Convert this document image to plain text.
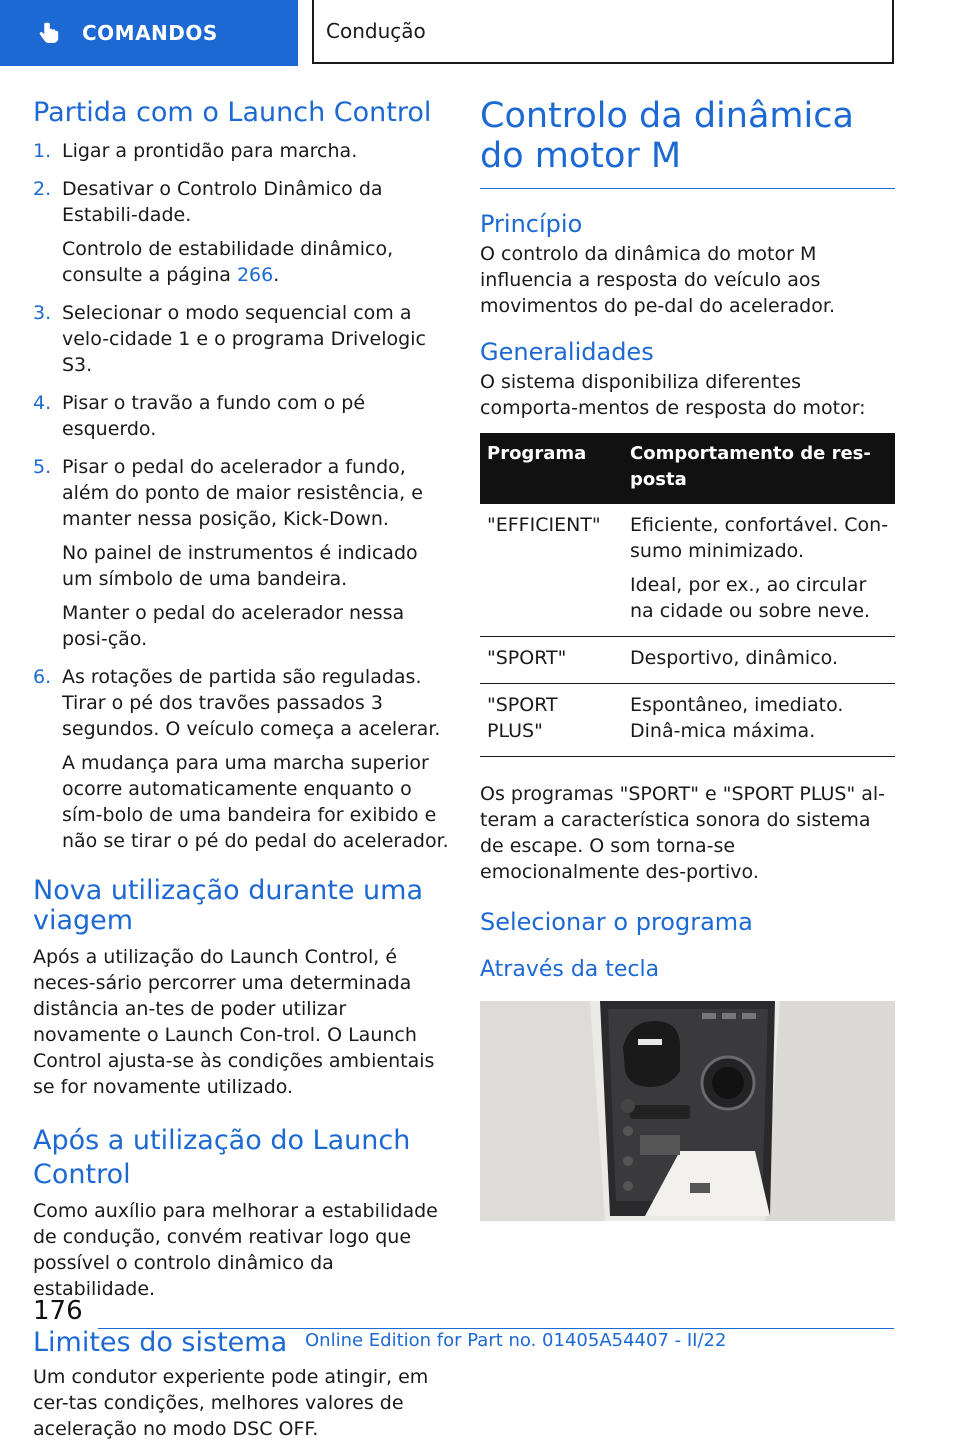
COMANDOS	Condução
Partida com o Launch Control
1. Ligar a prontidão para marcha.
2. Desativar o Controlo Dinâmico da Estabili-dade.

Controlo de estabilidade dinâmico, consulte a página 266.

3. Selecionar o modo sequencial com a velo-cidade 1 e o programa Drivelogic S3.
4. Pisar o travão a fundo com o pé esquerdo.
5. Pisar o pedal do acelerador a fundo, além do ponto de maior resistência, e manter nessa posição, Kick-Down.

No painel de instrumentos é indicado um símbolo de uma bandeira.

Manter o pedal do acelerador nessa posi-ção.

6. As rotações de partida são reguladas. Tirar o pé dos travões passados 3 segundos. O veículo começa a acelerar.

A mudança para uma marcha superior ocorre automaticamente enquanto o sím-bolo de uma bandeira for exibido e não se tirar o pé do pedal do acelerador.

Nova utilização durante uma viagem

Após a utilização do Launch Control, é neces-sário percorrer uma determinada distância an-tes de poder utilizar novamente o Launch Con-trol. O Launch Control ajusta-se às condições ambientais se for novamente utilizado.

Após a utilização do Launch Control

Como auxílio para melhorar a estabilidade de condução, convém reativar logo que possível o controlo dinâmico da estabilidade.

Limites do sistema

Um condutor experiente pode atingir, em cer-tas condições, melhores valores de aceleração no modo DSC OFF.

Controlo da dinâmica do motor M
Princípio

O controlo da dinâmica do motor M influencia a resposta do veículo aos movimentos do pe-dal do acelerador.

Generalidades

O sistema disponibiliza diferentes comporta-mentos de resposta do motor:

Programa	Comportamento de res-posta
"EFFICIENT"	Eficiente, confortável. Con-sumo minimizado.

Ideal, por ex., ao circular na cidade ou sobre neve.

"SPORT"	Desportivo, dinâmico.

"SPORT PLUS"	Espontâneo, imediato. Dinâ-mica máxima.

Os programas "SPORT" e "SPORT PLUS" al-teram a característica sonora do sistema de escape. O som torna-se emocionalmente des-portivo.

Selecionar o programa
Através da tecla
176
Online Edition for Part no. 01405A54407 - II/22
